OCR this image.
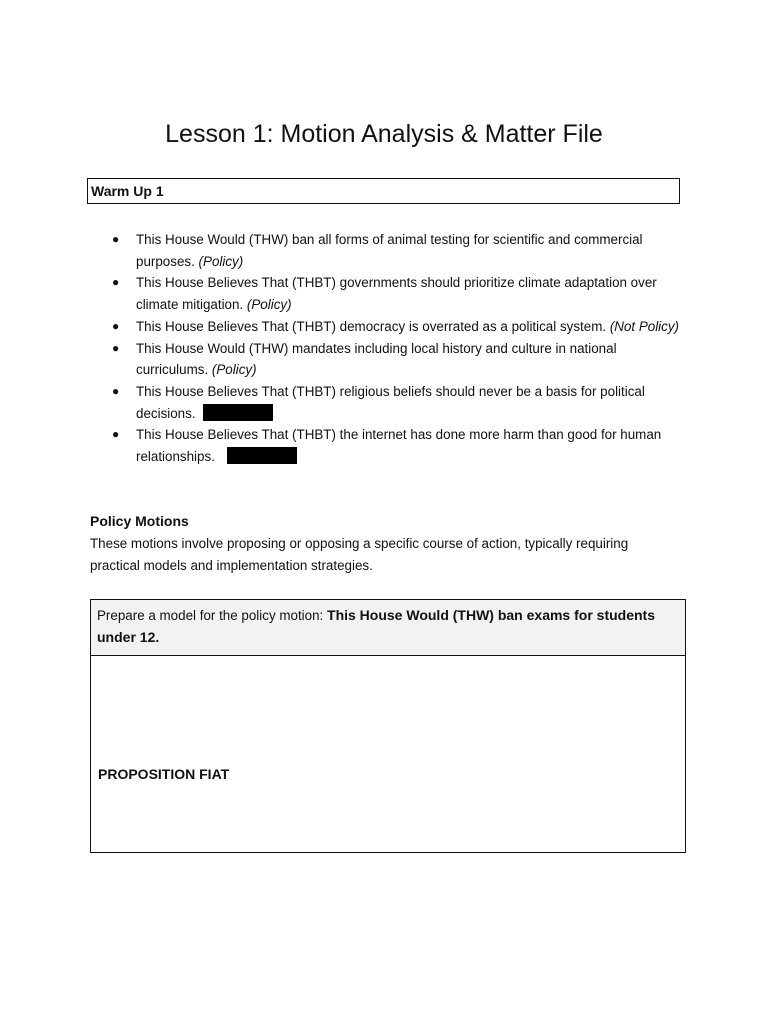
Lesson 1: Motion Analysis & Matter File
Warm Up 1
● This House Would (THW) ban all forms of animal testing for scientific and commercial purposes. (Policy)
● This House Believes That (THBT) governments should prioritize climate adaptation over climate mitigation. (Policy)
● This House Believes That (THBT) democracy is overrated as a political system. (Not Policy)
● This House Would (THW) mandates including local history and culture in national curriculums. (Policy)
● This House Believes That (THBT) religious beliefs should never be a basis for political decisions.
● This House Believes That (THBT) the internet has done more harm than good for human relationships.
Policy Motions
These motions involve proposing or opposing a specific course of action, typically requiring practical models and implementation strategies.
Prepare a model for the policy motion: This House Would (THW) ban exams for students under 12.
PROPOSITION FIAT
